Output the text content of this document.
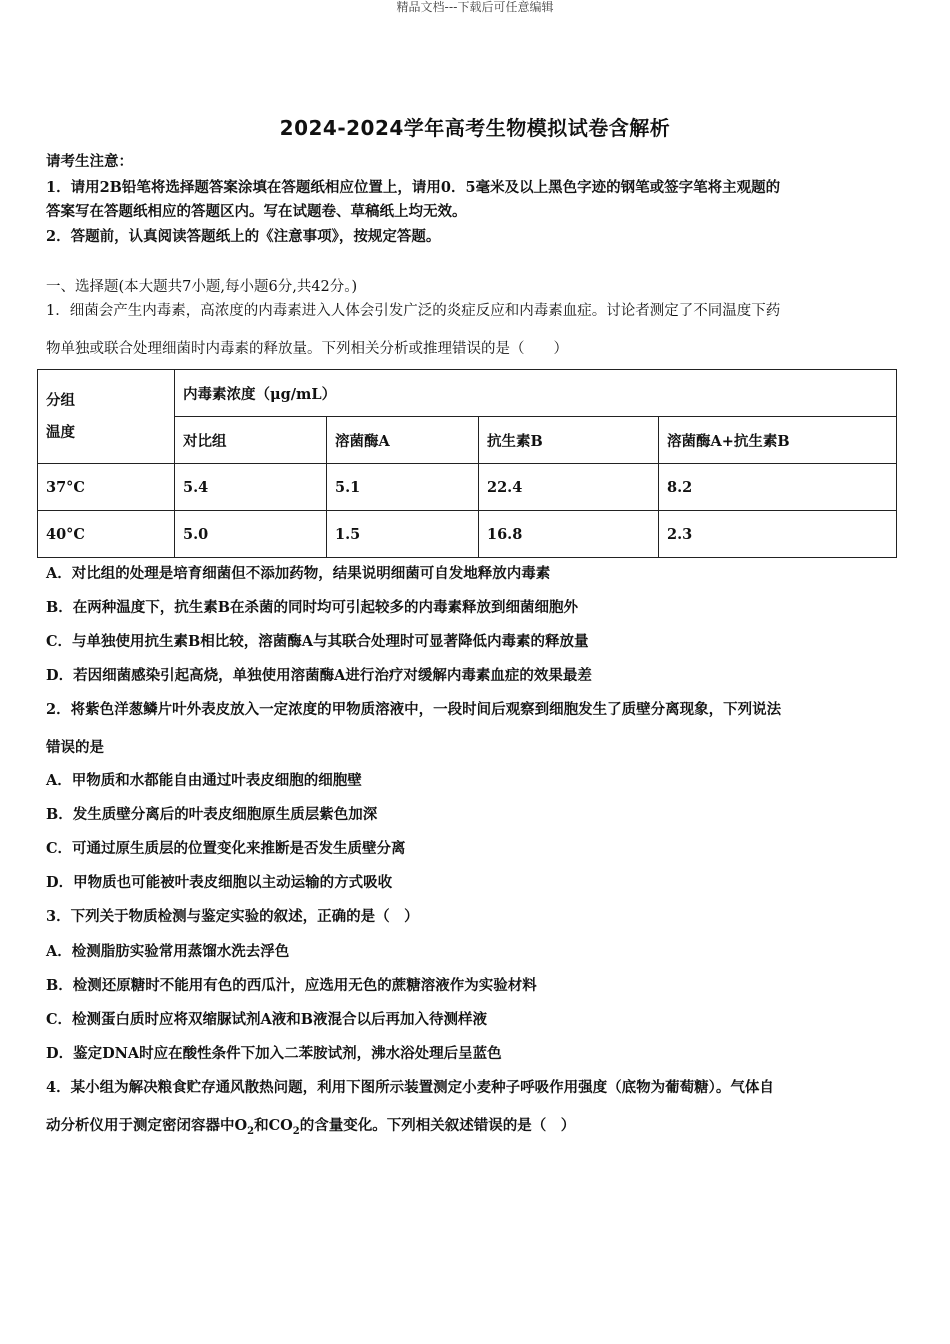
精品文档---下载后可任意编辑
2024-2024学年高考生物模拟试卷含解析
请考生注意：
1．请用2B铅笔将选择题答案涂填在答题纸相应位置上，请用0．5毫米及以上黑色字迹的钢笔或签字笔将主观题的
答案写在答题纸相应的答题区内。写在试题卷、草稿纸上均无效。
2．答题前，认真阅读答题纸上的《注意事项》，按规定答题。
一、选择题(本大题共7小题,每小题6分,共42分。)
1．细菌会产生内毒素，高浓度的内毒素进入人体会引发广泛的炎症反应和内毒素血症。讨论者测定了不同温度下药
物单独或联合处理细菌时内毒素的释放量。下列相关分析或推理错误的是（　　）
分组
温度	内毒素浓度（μg/mL）			
	对比组	溶菌酶A	抗生素B	溶菌酶A+抗生素B
37°C	5.4	5.1	22.4	8.2
40°C	5.0	1.5	16.8	2.3
A．对比组的处理是培育细菌但不添加药物，结果说明细菌可自发地释放内毒素
B．在两种温度下，抗生素B在杀菌的同时均可引起较多的内毒素释放到细菌细胞外
C．与单独使用抗生素B相比较，溶菌酶A与其联合处理时可显著降低内毒素的释放量
D．若因细菌感染引起高烧，单独使用溶菌酶A进行治疗对缓解内毒素血症的效果最差
2．将紫色洋葱鳞片叶外表皮放入一定浓度的甲物质溶液中，一段时间后观察到细胞发生了质壁分离现象，下列说法
错误的是
A．甲物质和水都能自由通过叶表皮细胞的细胞壁
B．发生质壁分离后的叶表皮细胞原生质层紫色加深
C．可通过原生质层的位置变化来推断是否发生质壁分离
D．甲物质也可能被叶表皮细胞以主动运输的方式吸收
3．下列关于物质检测与鉴定实验的叙述，正确的是（　）
A．检测脂肪实验常用蒸馏水洗去浮色
B．检测还原糖时不能用有色的西瓜汁，应选用无色的蔗糖溶液作为实验材料
C．检测蛋白质时应将双缩脲试剂A液和B液混合以后再加入待测样液
D．鉴定DNA时应在酸性条件下加入二苯胺试剂，沸水浴处理后呈蓝色
4．某小组为解决粮食贮存通风散热问题，利用下图所示装置测定小麦种子呼吸作用强度（底物为葡萄糖）。气体自
动分析仪用于测定密闭容器中$O_2$和$CO_2$的含量变化。下列相关叙述错误的是（　）
